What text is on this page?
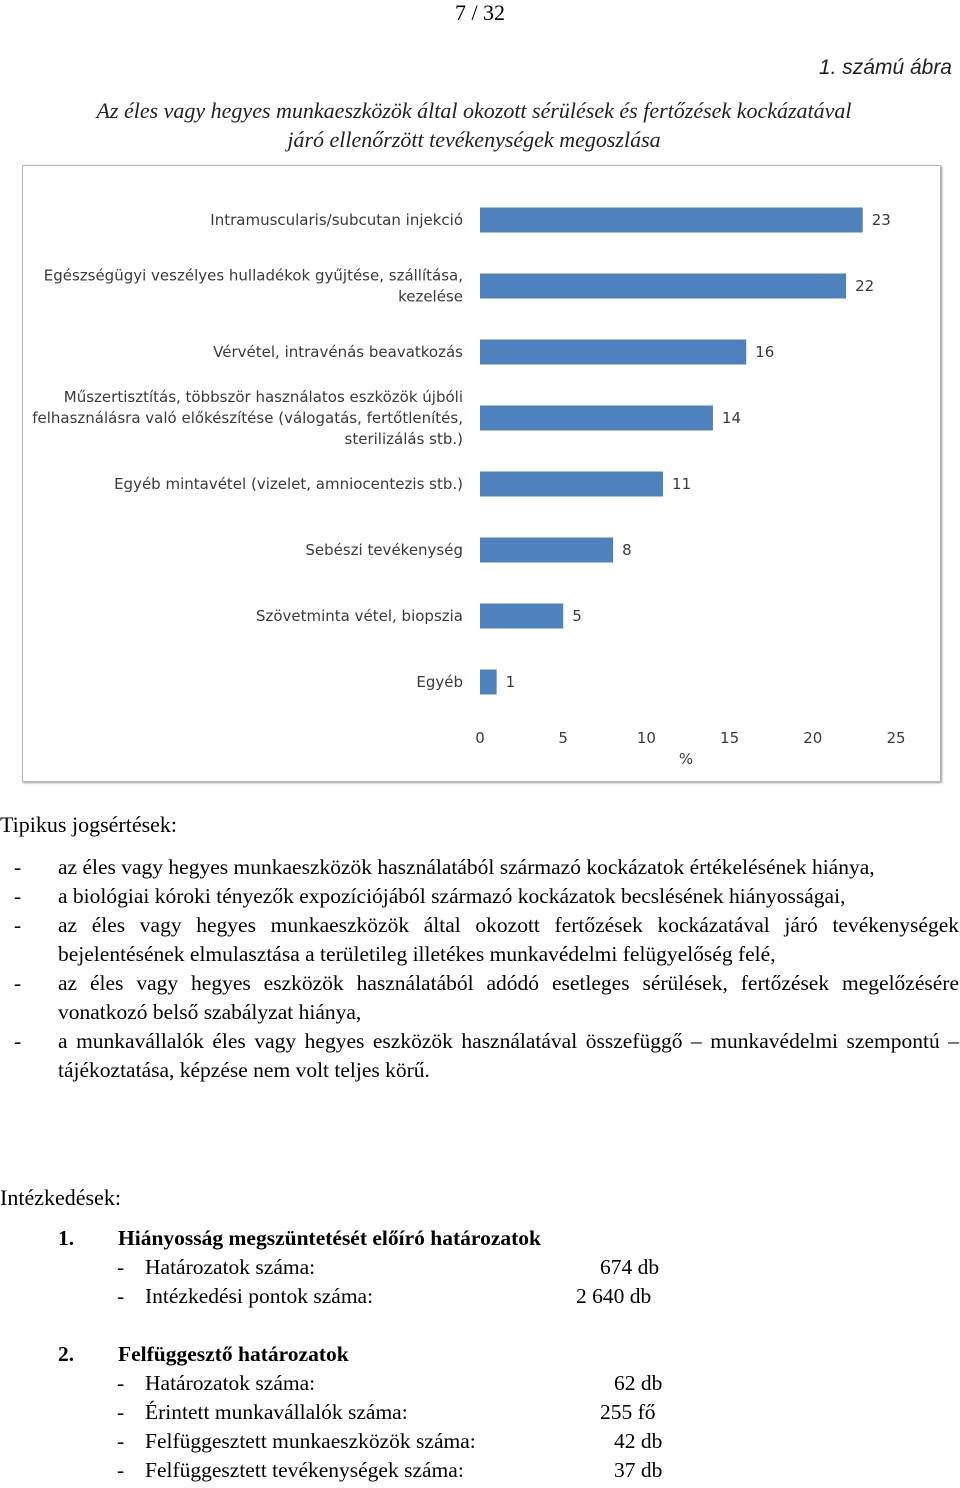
7 / 32
1. számú ábra
Az éles vagy hegyes munkaeszközök által okozott sérülések és fertőzések kockázatával
járó ellenőrzött tevékenységek megoszlása
23
Intramuscularis/subcutan injekció
22
Egészségügyi veszélyes hulladékok gyűjtése, szállítása,
kezelése
16
Vérvétel, intravénás beavatkozás
14
Műszertisztítás, többször használatos eszközök újbóli
felhasználásra való előkészítése (válogatás, fertőtlenítés,
sterilizálás stb.)
11
Egyéb mintavétel (vizelet, amniocentezis stb.)
8
Sebészi tevékenység
5
Szövetminta vétel, biopszia
1
Egyéb
0	5	10	15	20	25
%
Tipikus jogsértések:
- az éles vagy hegyes munkaeszközök használatából származó kockázatok értékelésének hiánya,
- a biológiai kóroki tényezők expozíciójából származó kockázatok becslésének hiányosságai,
- az éles vagy hegyes munkaeszközök által okozott fertőzések kockázatával járó tevékenységek bejelentésének elmulasztása a területileg illetékes munkavédelmi felügyelőség felé,
- az éles vagy hegyes eszközök használatából adódó esetleges sérülések, fertőzések megelőzésére vonatkozó belső szabályzat hiánya,
- a munkavállalók éles vagy hegyes eszközök használatával összefüggő – munkavédelmi szempontú – tájékoztatása, képzése nem volt teljes körű.
Intézkedések:
1. Hiányosság megszüntetését előíró határozatok
- Határozatok száma:	674 db
- Intézkedési pontok száma:	2 640 db
2. Felfüggesztő határozatok
- Határozatok száma:	62 db
- Érintett munkavállalók száma:	255 fő
- Felfüggesztett munkaeszközök száma:	42 db
- Felfüggesztett tevékenységek száma:	37 db
